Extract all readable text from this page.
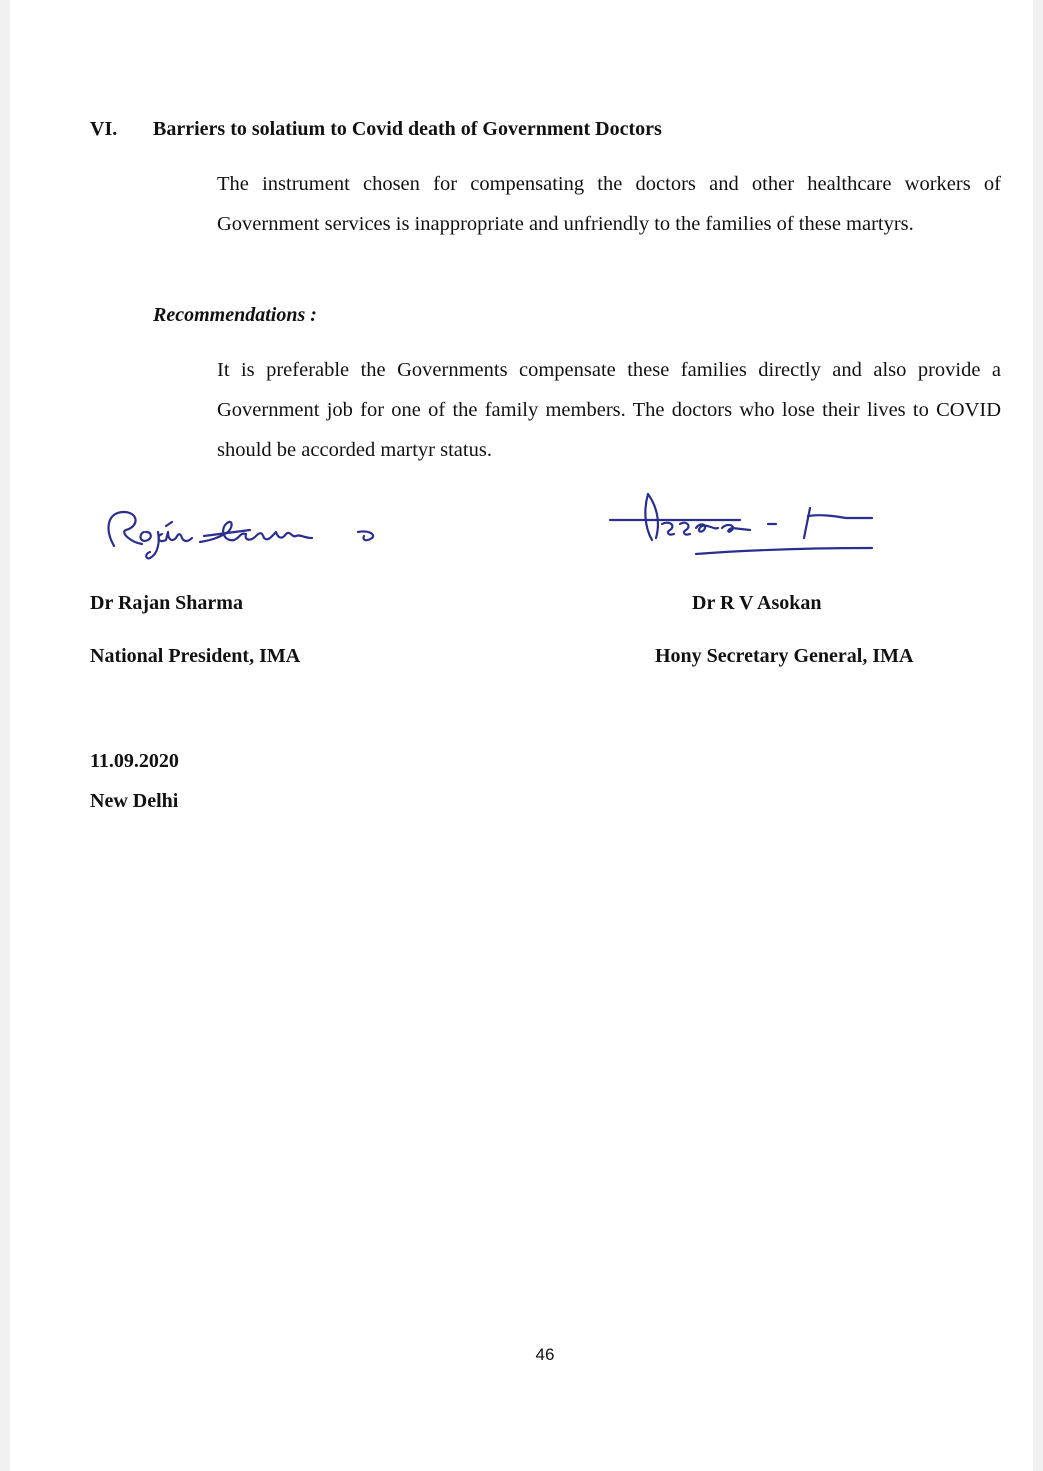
VI. Barriers to solatium to Covid death of Government Doctors

The instrument chosen for compensating the doctors and other healthcare workers of Government services is inappropriate and unfriendly to the families of these martyrs.

Recommendations :

It is preferable the Governments compensate these families directly and also provide a Government job for one of the family members. The doctors who lose their lives to COVID should be accorded martyr status.

Dr Rajan Sharma
National President, IMA
Dr R V Asokan
Hony Secretary General, IMA
11.09.2020
New Delhi
46
